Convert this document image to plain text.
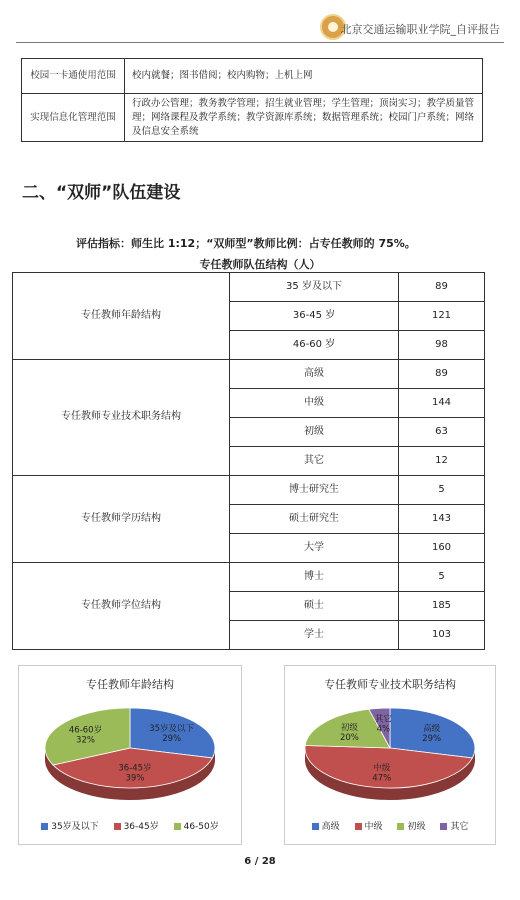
北京交通运输职业学院_自评报告
校园一卡通使用范围	校内就餐；图书借阅；校内购物；上机上网
实现信息化管理范围	行政办公管理；教务教学管理；招生就业管理；学生管理；顶岗实习；教学质量管理；网络课程及教学系统；教学资源库系统；数据管理系统；校园门户系统；网络及信息安全系统
二、“双师”队伍建设
评估指标：师生比 1:12；“双师型”教师比例：占专任教师的 75%。
专任教师队伍结构（人）
专任教师年龄结构	35 岁及以下	89
	36-45 岁	121
	46-60 岁	98
专任教师专业技术职务结构	高级	89
	中级	144
	初级	63
	其它	12
专任教师学历结构	博士研究生	5
	硕士研究生	143
	大学	160
专任教师学位结构	博士	5
	硕士	185
	学士	103
专任教师年龄结构
35岁及以下 29%
36-45岁 39%
46-60岁 32%
35岁及以下	36-45岁	46-50岁
专任教师专业技术职务结构
高级 29%
中级 47%
初级 20%
其它 4%
高级	中级	初级	其它
6 / 28
